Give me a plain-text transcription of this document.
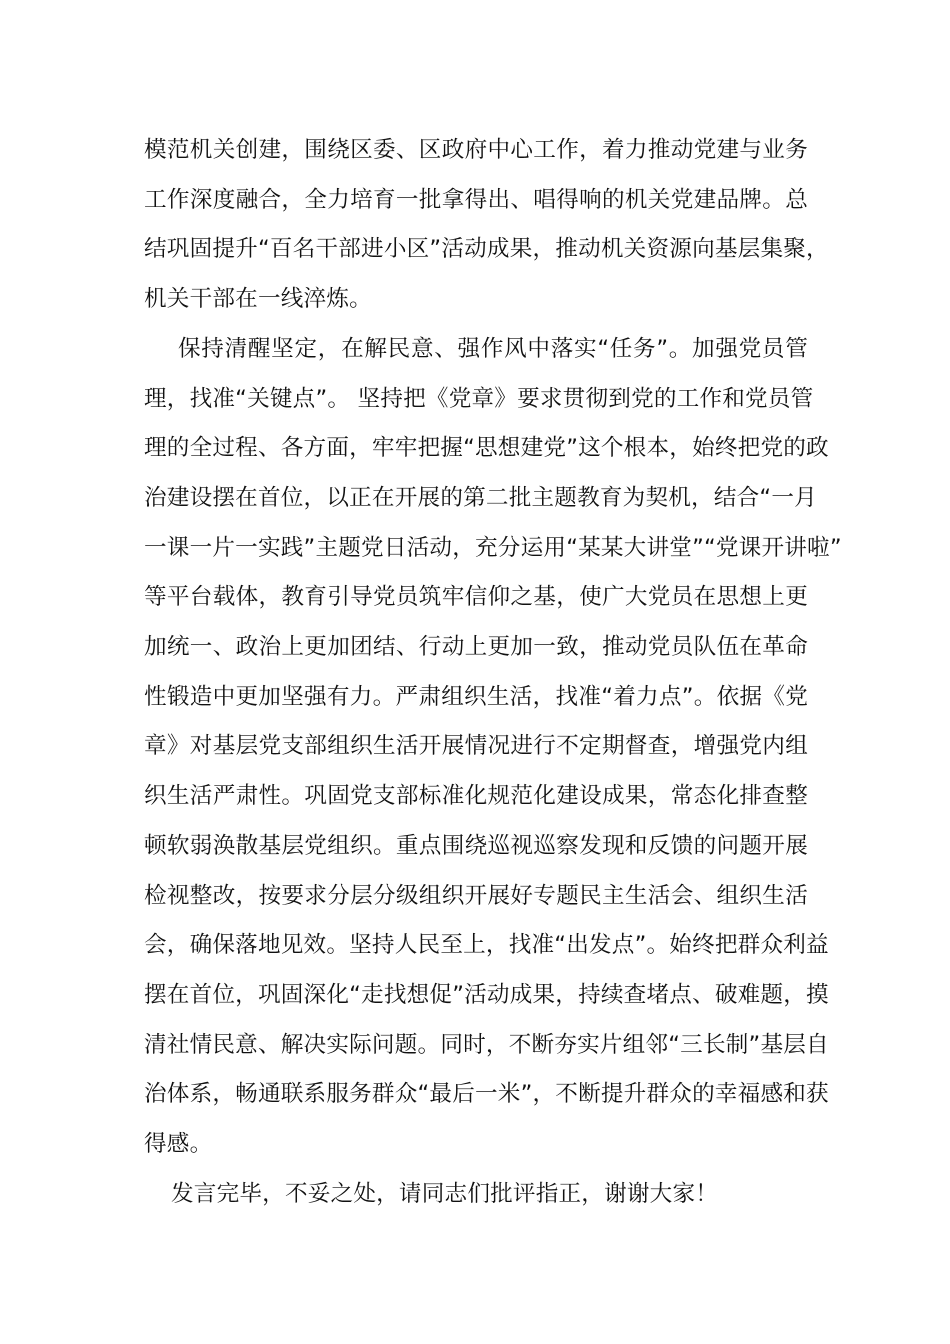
模范机关创建，围绕区委、区政府中心工作，着力推动党建与业务
工作深度融合，全力培育一批拿得出、唱得响的机关党建品牌。总
结巩固提升“百名干部进小区”活动成果，推动机关资源向基层集聚，
机关干部在一线淬炼。
保持清醒坚定，在解民意、强作风中落实“任务”。加强党员管
理，找准“关键点”。 坚持把《党章》要求贯彻到党的工作和党员管
理的全过程、各方面，牢牢把握“思想建党”这个根本，始终把党的政
治建设摆在首位，以正在开展的第二批主题教育为契机，结合“一月
一课一片一实践”主题党日活动，充分运用“某某大讲堂”“党课开讲啦”
等平台载体，教育引导党员筑牢信仰之基，使广大党员在思想上更
加统一、政治上更加团结、行动上更加一致，推动党员队伍在革命
性锻造中更加坚强有力。严肃组织生活，找准“着力点”。依据《党
章》对基层党支部组织生活开展情况进行不定期督查，增强党内组
织生活严肃性。巩固党支部标准化规范化建设成果，常态化排查整
顿软弱涣散基层党组织。重点围绕巡视巡察发现和反馈的问题开展
检视整改，按要求分层分级组织开展好专题民主生活会、组织生活
会，确保落地见效。坚持人民至上，找准“出发点”。始终把群众利益
摆在首位，巩固深化“走找想促”活动成果，持续查堵点、破难题，摸
清社情民意、解决实际问题。同时，不断夯实片组邻“三长制”基层自
治体系，畅通联系服务群众“最后一米”，不断提升群众的幸福感和获
得感。
发言完毕，不妥之处，请同志们批评指正，谢谢大家！
